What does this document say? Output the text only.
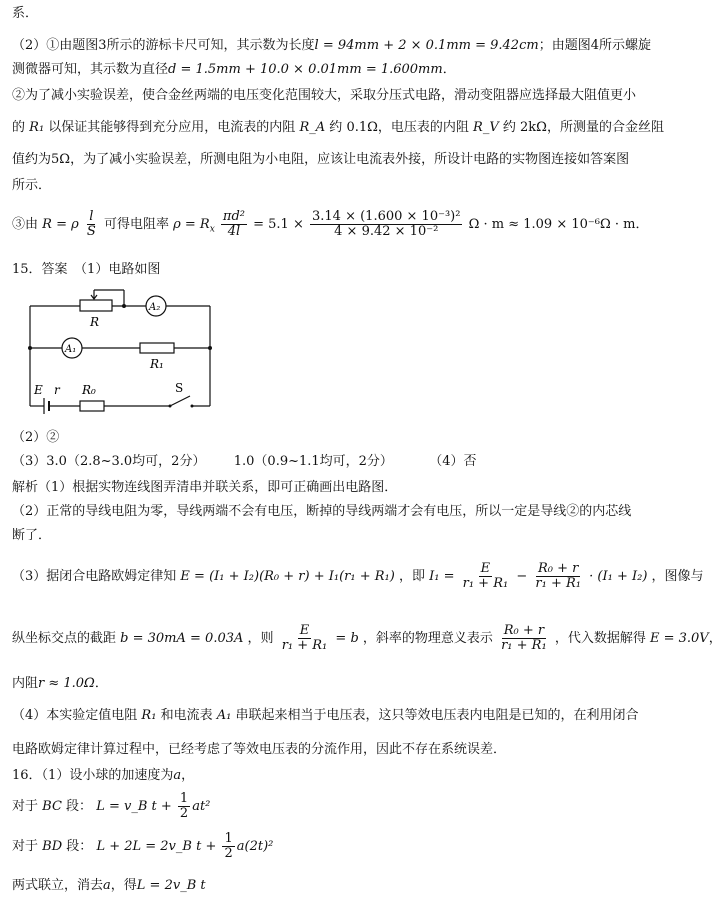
系．
（2）①由题图3所示的游标卡尺可知，其示数为长度l = 94mm + 2 × 0.1mm = 9.42cm；由题图4所示螺旋
测微器可知，其示数为直径d = 1.5mm + 10.0 × 0.01mm = 1.600mm．
②为了减小实验误差，使合金丝两端的电压变化范围较大，采取分压式电路，滑动变阻器应选择最大阻值更小
的 R₁ 以保证其能够得到充分应用，电流表的内阻 R_A 约 0.1Ω，电压表的内阻 R_V 约 2kΩ，所测量的合金丝阻
值约为5Ω，为了减小实验误差，所测电阻为小电阻，应该让电流表外接，所设计电路的实物图连接如答案图
所示．
③由 R = ρ $\frac{l}{S}$ 可得电阻率 $\rho = R_x \frac{\text{πd²}}{4l} = 5.1 \times \frac{\text{3.14 × (1.600 × 10⁻³)²}}{\text{4 × 9.42 × 10⁻²}}$ Ω · m ≈ 1.09 × 10⁻⁶Ω · m．
15．答案　（1）电路如图
R
A₂
A₁
R₁
E r R₀	S
（2）②
（3）3.0（2.8~3.0均可，2分） 1.0（0.9~1.1均可，2分）	（4）否
解析（1）根据实物连线图弄清串并联关系，即可正确画出电路图．
（2）正常的导线电阻为零，导线两端不会有电压，断掉的导线两端才会有电压，所以一定是导线②的内芯线
断了．
（3）据闭合电路欧姆定律知 E = (I₁ + I₂)(R₀ + r) + I₁(r₁ + R₁) ，即 $I_1 = \frac{E}{\text{r₁ + R₁}} - \frac{\text{R₀ + r}}{\text{r₁ + R₁}} \cdot (I_1 + I_2)$ ，图像与
纵坐标交点的截距 b = 30mA = 0.03A ，则 $\frac{E}{\text{r₁ + R₁}} = b$ ，斜率的物理意义表示 $\frac{\text{R₀ + r}}{\text{r₁ + R₁}}$ ，代入数据解得 E = 3.0V，
内阻r ≈ 1.0Ω．
（4）本实验定值电阻 R₁ 和电流表 A₁ 串联起来相当于电压表，这只等效电压表内电阻是已知的，在利用闭合
电路欧姆定律计算过程中，已经考虑了等效电压表的分流作用，因此不存在系统误差．
16．（1）设小球的加速度为a，
对于 BC 段： L = v_B $t + \frac{1}{2} at^2$
对于 BD 段： L + 2L = 2v_B $t + \frac{1}{2} a(2t)^2$
两式联立，消去a，得L = 2v_B t
